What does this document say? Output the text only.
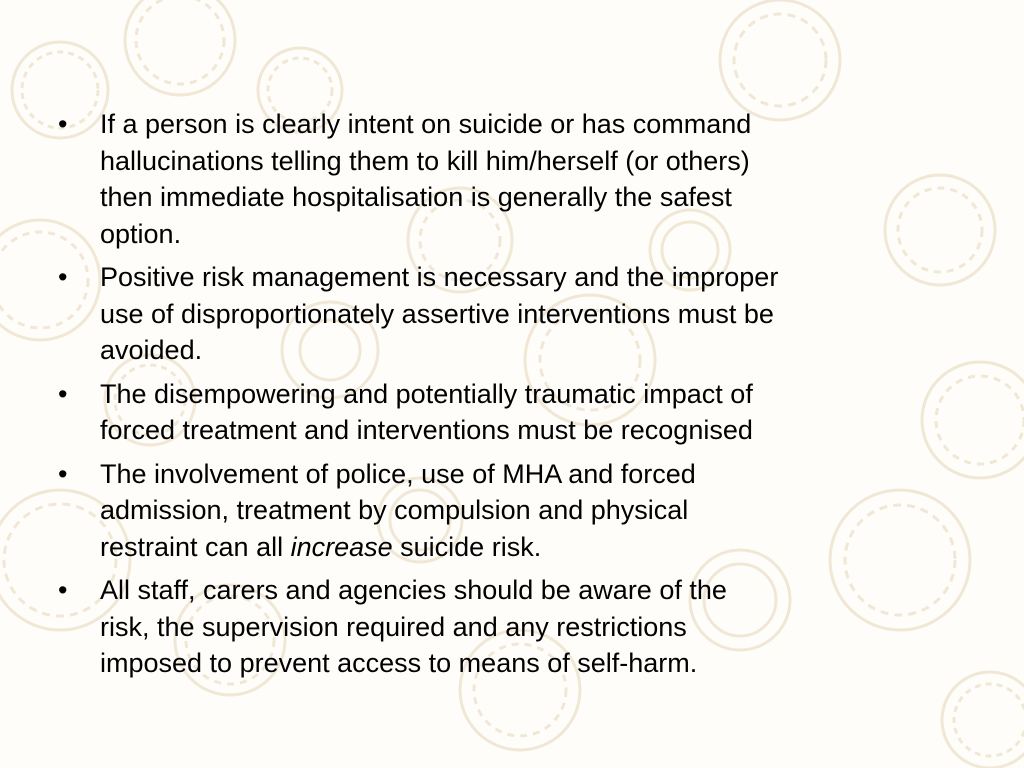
•	If a person is clearly intent on suicide or has command
hallucinations telling them to kill him/herself (or others)
then immediate hospitalisation is generally the safest
option.
•	Positive risk management is necessary and the improper
use of disproportionately assertive interventions must be
avoided.
•	The disempowering and potentially traumatic impact of
forced treatment and interventions must be recognised
•	The involvement of police, use of MHA and forced
admission, treatment by compulsion and physical
restraint can all increase suicide risk.
•	All staff, carers and agencies should be aware of the
risk, the supervision required and any restrictions
imposed to prevent access to means of self-harm.
